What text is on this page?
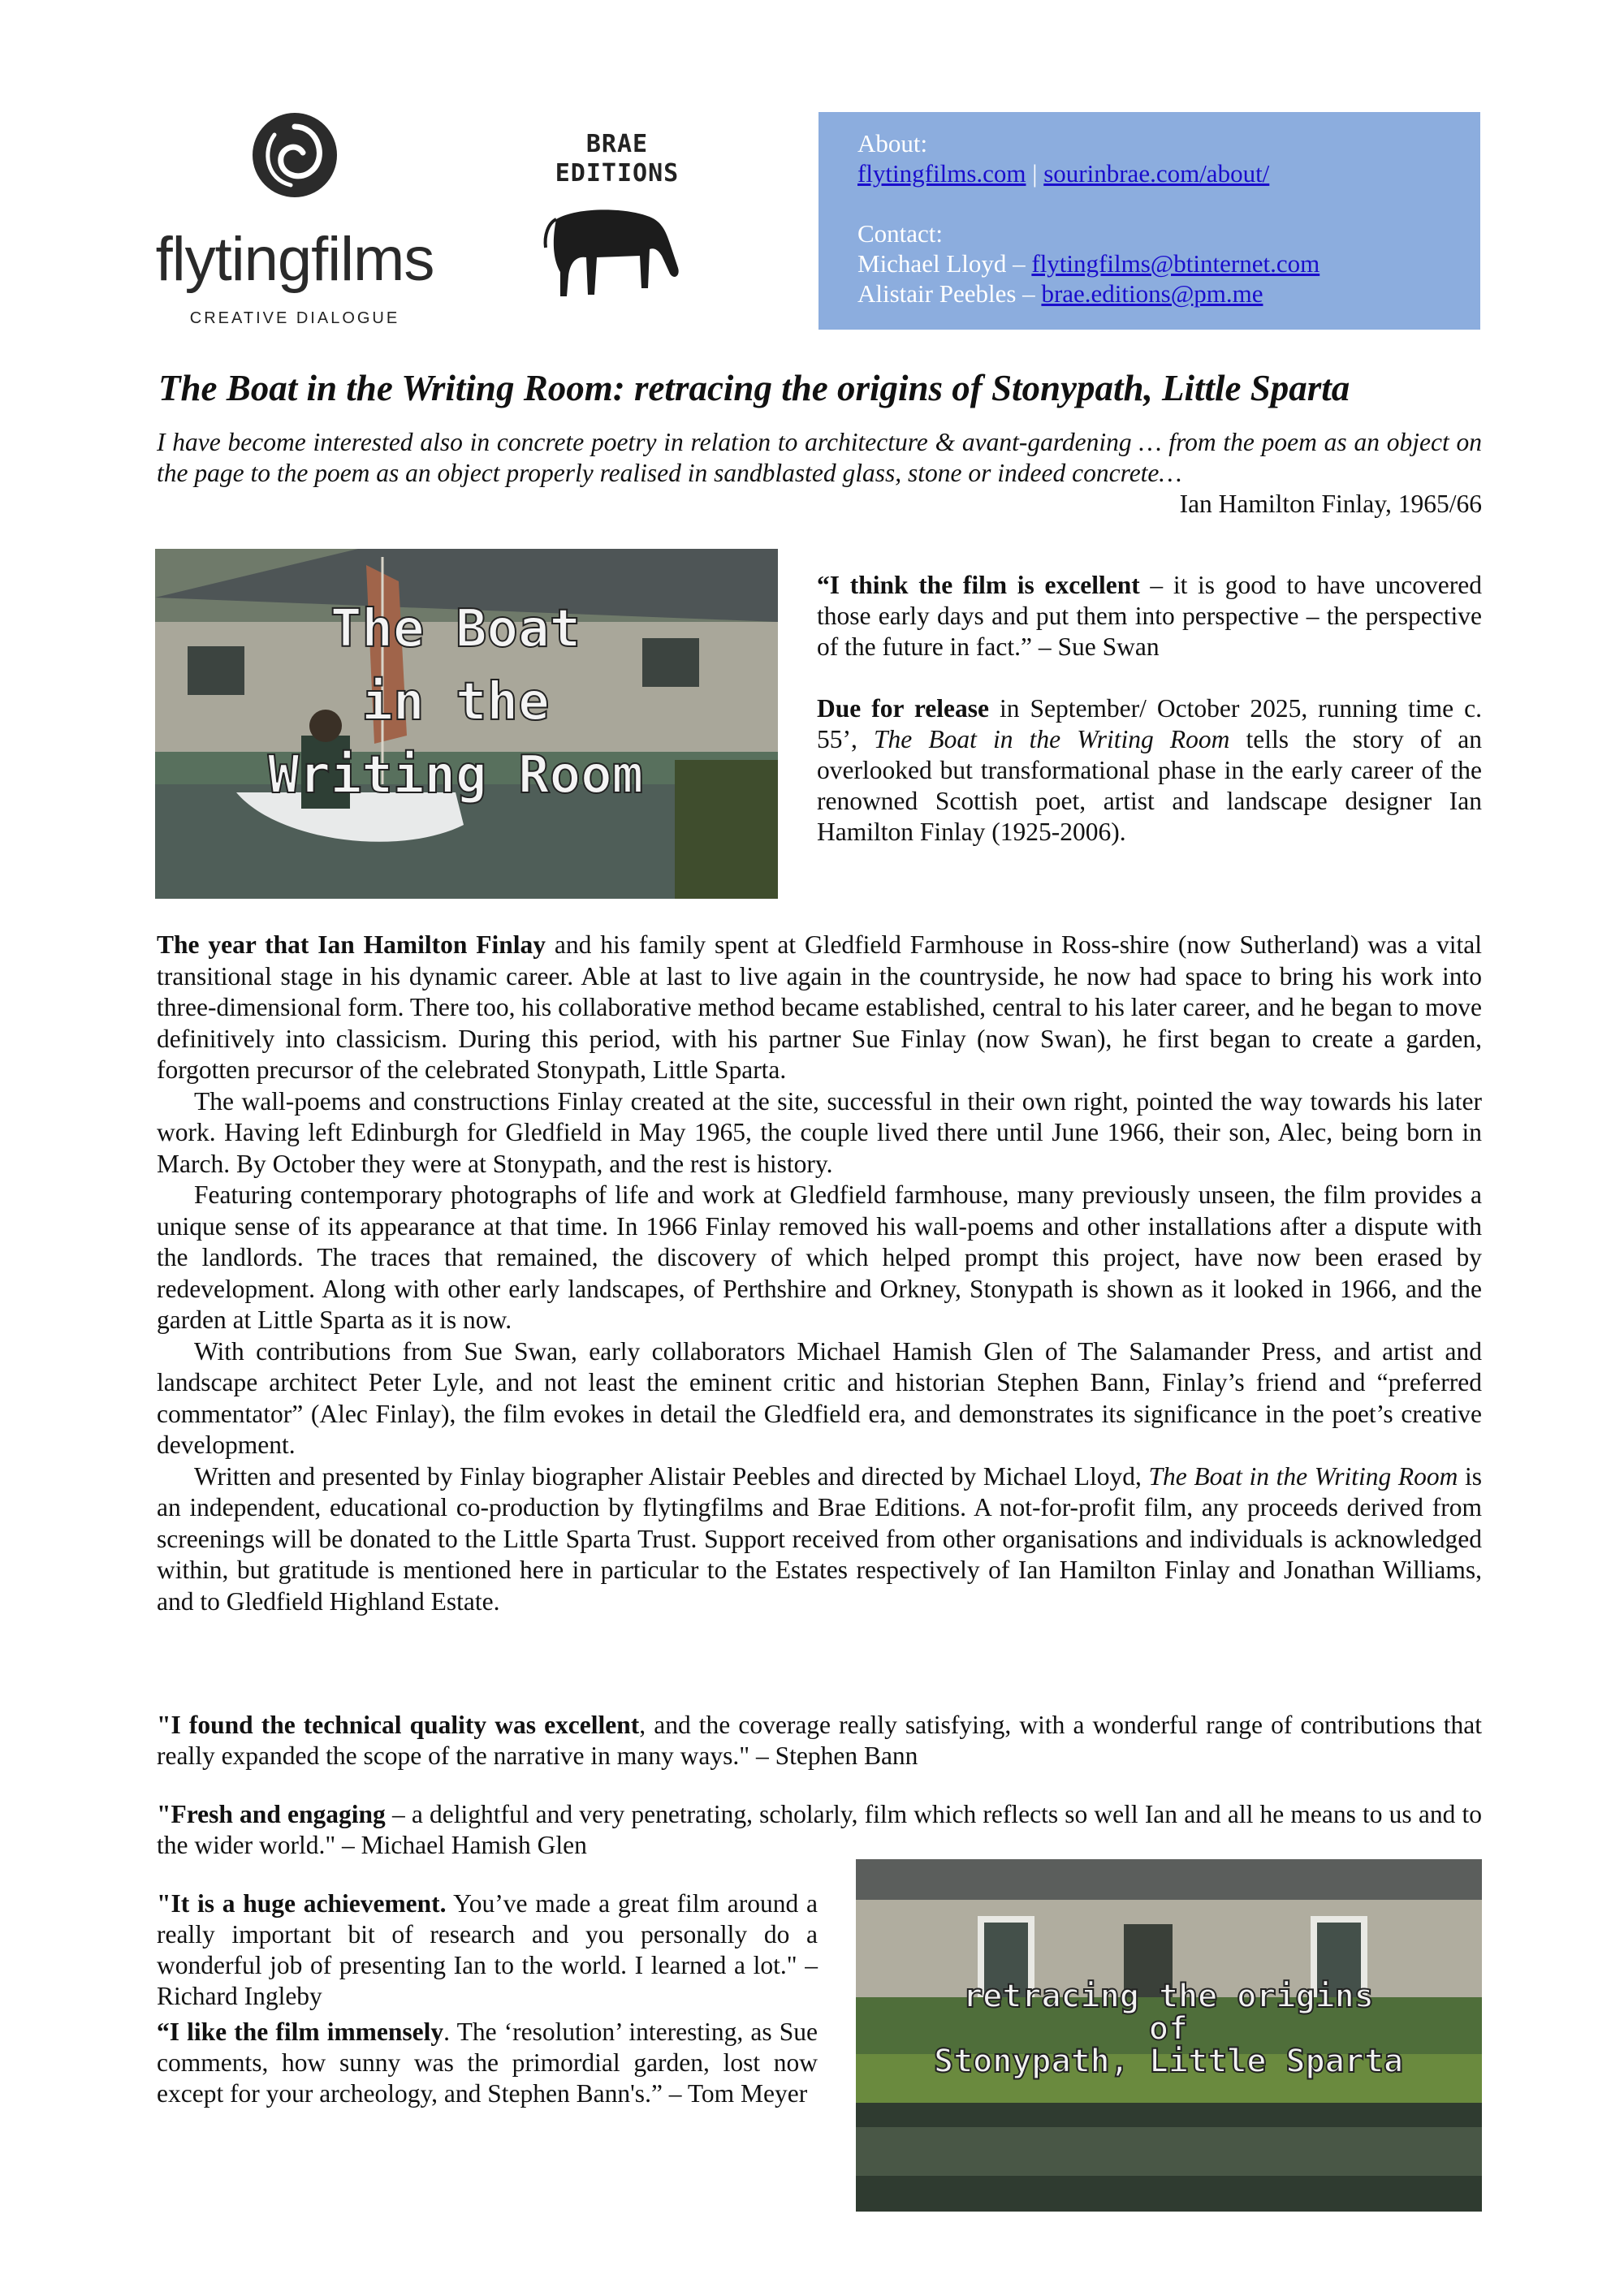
flytingfilms
CREATIVE DIALOGUE
BRAE
EDITIONS
About:
flytingfilms.com | sourinbrae.com/about/
Contact:
Michael Lloyd – flytingfilms@btinternet.com
Alistair Peebles – brae.editions@pm.me
The Boat in the Writing Room: retracing the origins of Stonypath, Little Sparta
I have become interested also in concrete poetry in relation to architecture & avant-gardening … from the poem as an object on the page to the poem as an object properly realised in sandblasted glass, stone or indeed concrete…
Ian Hamilton Finlay, 1965/66
The Boat
in the
Writing Room

“I think the film is excellent – it is good to have uncovered those early days and put them into perspective – the perspective of the future in fact.” – Sue Swan

Due for release in September/ October 2025, running time c. 55’, The Boat in the Writing Room tells the story of an overlooked but transformational phase in the early career of the renowned Scottish poet, artist and landscape designer Ian Hamilton Finlay (1925-2006).

The year that Ian Hamilton Finlay and his family spent at Gledfield Farmhouse in Ross-shire (now Sutherland) was a vital transitional stage in his dynamic career. Able at last to live again in the countryside, he now had space to bring his work into three-dimensional form. There too, his collaborative method became established, central to his later career, and he began to move definitively into classicism. During this period, with his partner Sue Finlay (now Swan), he first began to create a garden, forgotten precursor of the celebrated Stonypath, Little Sparta.

The wall-poems and constructions Finlay created at the site, successful in their own right, pointed the way towards his later work. Having left Edinburgh for Gledfield in May 1965, the couple lived there until June 1966, their son, Alec, being born in March. By October they were at Stonypath, and the rest is history.

Featuring contemporary photographs of life and work at Gledfield farmhouse, many previously unseen, the film provides a unique sense of its appearance at that time. In 1966 Finlay removed his wall-poems and other installations after a dispute with the landlords. The traces that remained, the discovery of which helped prompt this project, have now been erased by redevelopment. Along with other early landscapes, of Perthshire and Orkney, Stonypath is shown as it looked in 1966, and the garden at Little Sparta as it is now.

With contributions from Sue Swan, early collaborators Michael Hamish Glen of The Salamander Press, and artist and landscape architect Peter Lyle, and not least the eminent critic and historian Stephen Bann, Finlay’s friend and “preferred commentator” (Alec Finlay), the film evokes in detail the Gledfield era, and demonstrates its significance in the poet’s creative development.

Written and presented by Finlay biographer Alistair Peebles and directed by Michael Lloyd, The Boat in the Writing Room is an independent, educational co-production by flytingfilms and Brae Editions. A not-for-profit film, any proceeds derived from screenings will be donated to the Little Sparta Trust. Support received from other organisations and individuals is acknowledged within, but gratitude is mentioned here in particular to the Estates respectively of Ian Hamilton Finlay and Jonathan Williams, and to Gledfield Highland Estate.

"I found the technical quality was excellent, and the coverage really satisfying, with a wonderful range of contributions that really expanded the scope of the narrative in many ways." – Stephen Bann

"Fresh and engaging – a delightful and very penetrating, scholarly, film which reflects so well Ian and all he means to us and to the wider world." – Michael Hamish Glen

"It is a huge achievement. You’ve made a great film around a really important bit of research and you personally do a wonderful job of presenting Ian to the world. I learned a lot." – Richard Ingleby

“I like the film immensely. The ‘resolution’ interesting, as Sue comments, how sunny was the primordial garden, lost now except for your archeology, and Stephen Bann's.” – Tom Meyer

retracing the origins
of
Stonypath, Little Sparta
